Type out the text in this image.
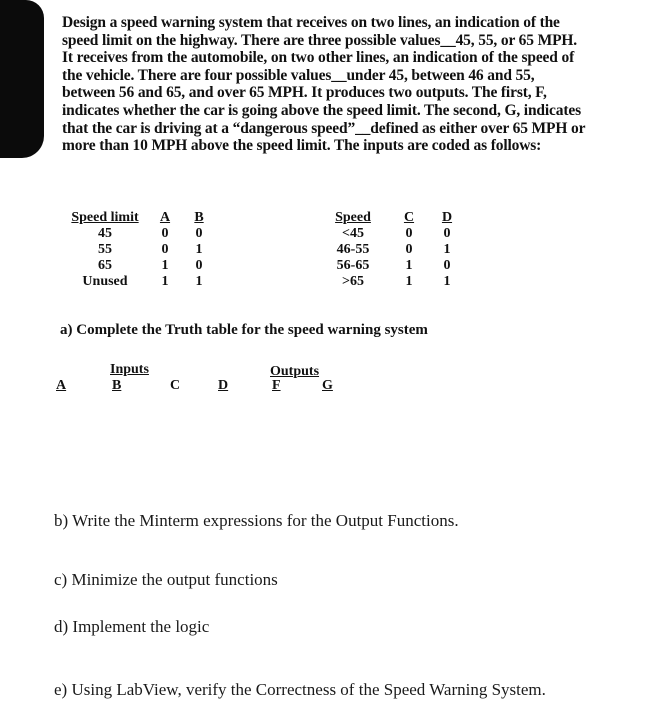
Design a speed warning system that receives on two lines, an indication of the
speed limit on the highway. There are three possible values__45, 55, or 65 MPH.
It receives from the automobile, on two other lines, an indication of the speed of
the vehicle. There are four possible values__under 45, between 46 and 55,
between 56 and 65, and over 65 MPH. It produces two outputs. The first, F,
indicates whether the car is going above the speed limit. The second, G, indicates
that the car is driving at a “dangerous speed”__defined as either over 65 MPH or
more than 10 MPH above the speed limit. The inputs are coded as follows:
Speed limit	A	B
45	0	0
55	0	1
65	1	0
Unused	1	1
Speed	C	D
<45	0	0
46-55	0	1
56-65	1	0
>65	1	1
a) Complete the Truth table for the speed warning system
Inputs	Outputs
A	B	C	D	F	G
b) Write the Minterm expressions for the Output Functions.
c) Minimize the output functions
d) Implement the logic
e) Using LabView, verify the Correctness of the Speed Warning System.
